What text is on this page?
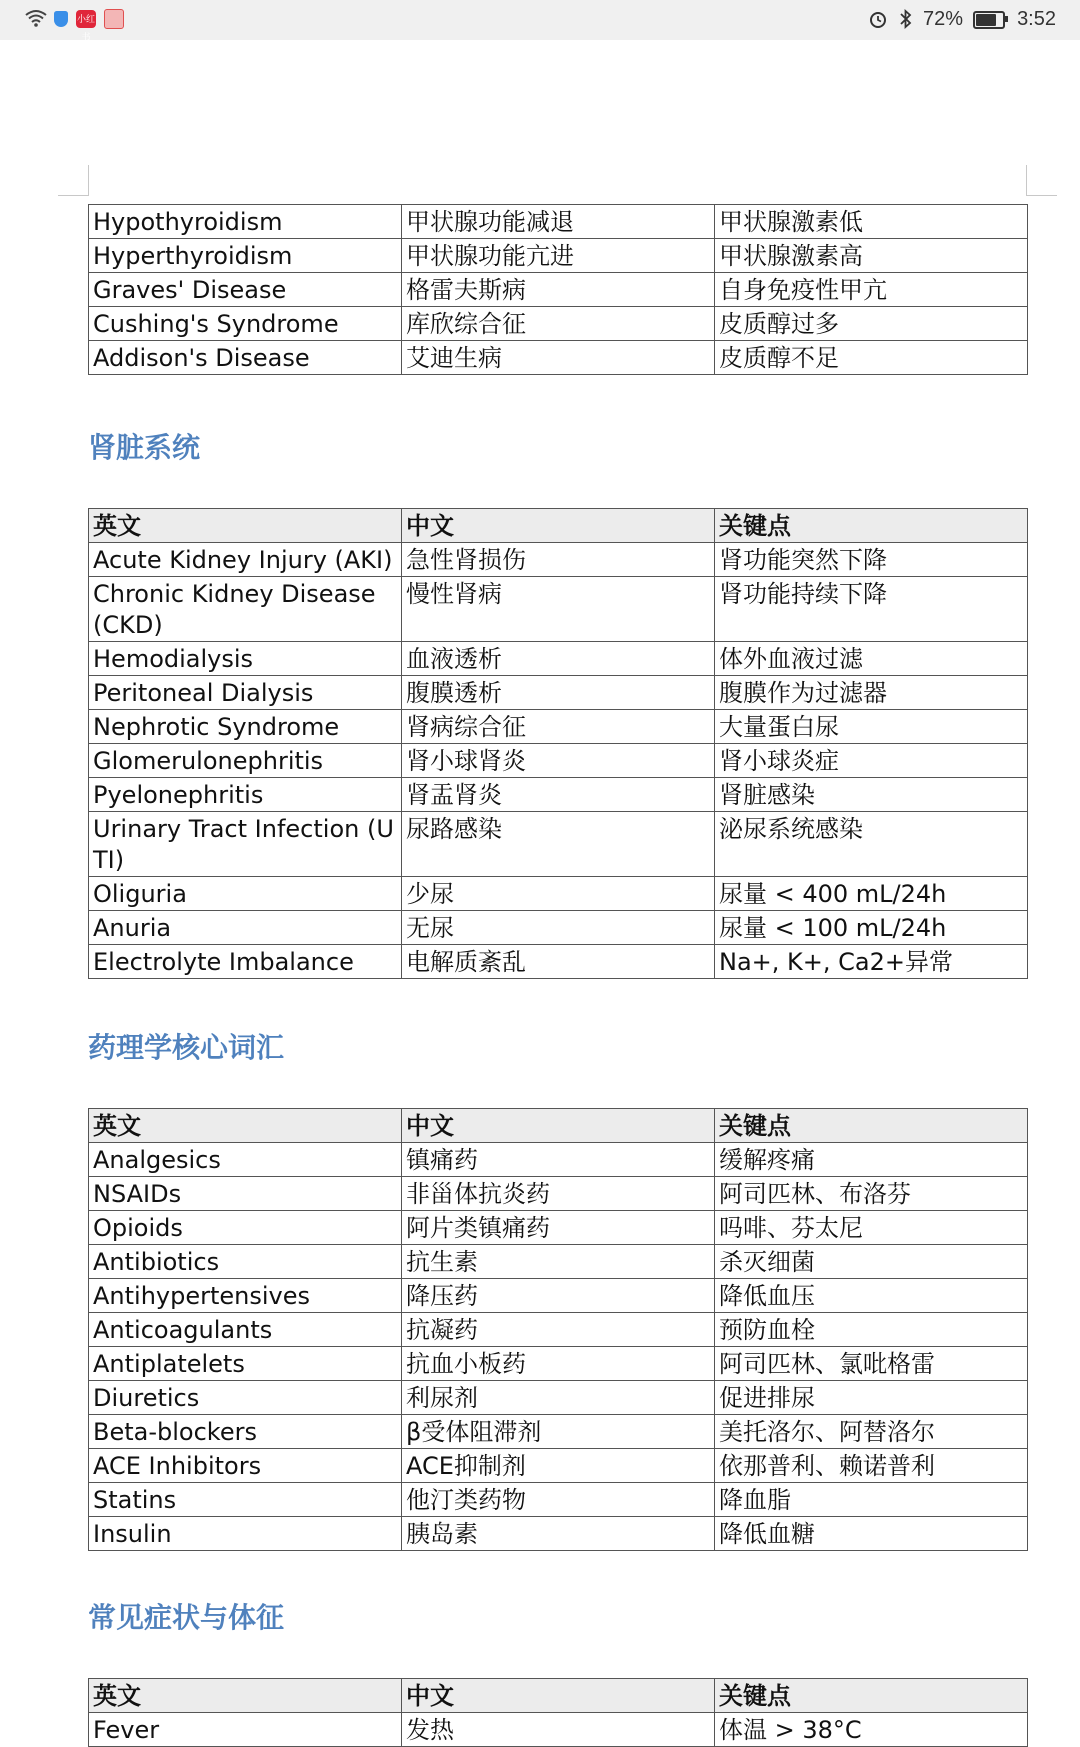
小红书
72%	3:52
Hypothyroidism	甲状腺功能减退	甲状腺激素低
Hyperthyroidism	甲状腺功能亢进	甲状腺激素高
Graves' Disease	格雷夫斯病	自身免疫性甲亢
Cushing's Syndrome	库欣综合征	皮质醇过多
Addison's Disease	艾迪生病	皮质醇不足
肾脏系统
英文	中文	关键点
Acute Kidney Injury (AKI)	急性肾损伤	肾功能突然下降
Chronic Kidney Disease (CKD)	慢性肾病	肾功能持续下降
Hemodialysis	血液透析	体外血液过滤
Peritoneal Dialysis	腹膜透析	腹膜作为过滤器
Nephrotic Syndrome	肾病综合征	大量蛋白尿
Glomerulonephritis	肾小球肾炎	肾小球炎症
Pyelonephritis	肾盂肾炎	肾脏感染
Urinary Tract Infection (UTI)	尿路感染	泌尿系统感染
Oliguria	少尿	尿量 < 400 mL/24h
Anuria	无尿	尿量 < 100 mL/24h
Electrolyte Imbalance	电解质紊乱	Na+, K+, Ca2+异常
药理学核心词汇
英文	中文	关键点
Analgesics	镇痛药	缓解疼痛
NSAIDs	非甾体抗炎药	阿司匹林、布洛芬
Opioids	阿片类镇痛药	吗啡、芬太尼
Antibiotics	抗生素	杀灭细菌
Antihypertensives	降压药	降低血压
Anticoagulants	抗凝药	预防血栓
Antiplatelets	抗血小板药	阿司匹林、氯吡格雷
Diuretics	利尿剂	促进排尿
Beta-blockers	β受体阻滞剂	美托洛尔、阿替洛尔
ACE Inhibitors	ACE抑制剂	依那普利、赖诺普利
Statins	他汀类药物	降血脂
Insulin	胰岛素	降低血糖
常见症状与体征
英文	中文	关键点
Fever	发热	体温 > 38°C
